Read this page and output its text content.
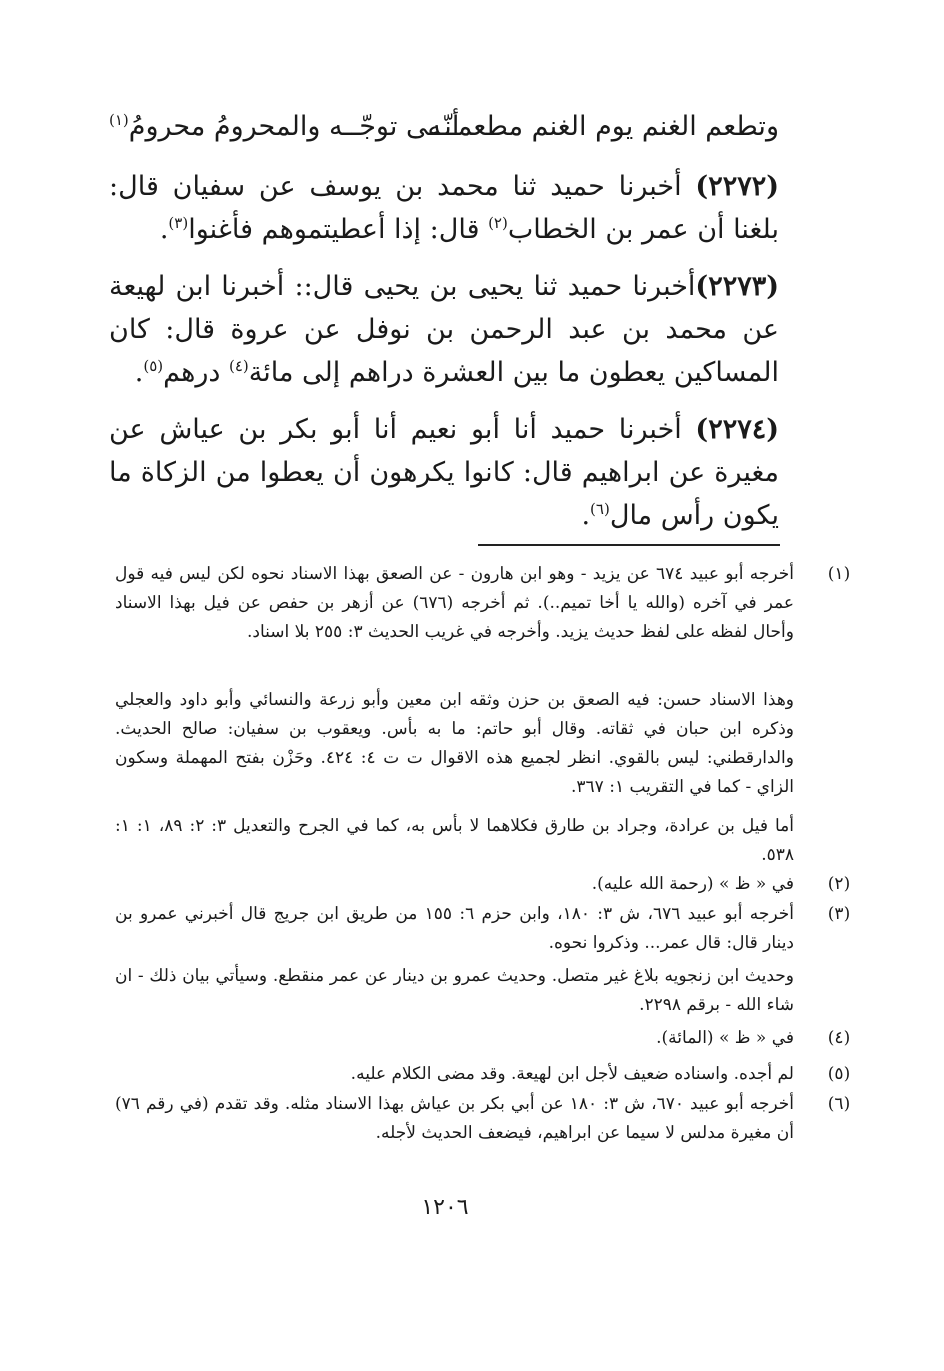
وتطعم الغنم يوم الغنم مطعمــه
أنّــى توجّــه والمحرومُ محرومُ$^{(١)}$
(٢٢٧٢) أخبرنا حميد ثنا محمد بن يوسف عن سفيان قال: بلغنا أن عمر بن الخطاب$^{(٢)}$ قال: إذا أعطيتموهم فأغنوا$^{(٣)}$.
(٢٢٧٣)أخبرنا حميد ثنا يحيى بن يحيى قال:: أخبرنا ابن لهيعة عن محمد بن عبد الرحمن بن نوفل عن عروة قال: كان المساكين يعطون ما بين العشرة دراهم إلى مائة$^{(٤)}$ درهم$^{(٥)}$.
(٢٢٧٤) أخبرنا حميد أنا أبو نعيم أنا أبو بكر بن عياش عن مغيرة عن ابراهيم قال: كانوا يكرهون أن يعطوا من الزكاة ما يكون رأس مال$^{(٦)}$.
(١)
أخرجه أبو عبيد ٦٧٤ عن يزيد - وهو ابن هارون - عن الصعق بهذا الاسناد نحوه لكن ليس فيه قول عمر في آخره (والله يا أخا تميم..). ثم أخرجه (٦٧٦) عن أزهر بن حفص عن فيل بهذا الاسناد وأحال لفظه على لفظ حديث يزيد. وأخرجه في غريب الحديث ٣: ٢٥٥ بلا اسناد.
وهذا الاسناد حسن: فيه الصعق بن حزن وثقه ابن معين وأبو زرعة والنسائي وأبو داود والعجلي وذكره ابن حبان في ثقاته. وقال أبو حاتم: ما به بأس. ويعقوب بن سفيان: صالح الحديث. والدارقطني: ليس بالقوي. انظر لجميع هذه الاقوال ت ت ٤: ٤٢٤. وحَزْن بفتح المهملة وسكون الزاي - كما في التقريب ١: ٣٦٧.
أما فيل بن عرادة، وجراد بن طارق فكلاهما لا بأس به، كما في الجرح والتعديل ٣: ٢: ٨٩، ١: ١: ٥٣٨.
(٢)
في « ظ » (رحمة الله عليه).
(٣)
أخرجه أبو عبيد ٦٧٦، ش ٣: ١٨٠، وابن حزم ٦: ١٥٥ من طريق ابن جريج قال أخبرني عمرو بن دينار قال: قال عمر... وذكروا نحوه.
وحديث ابن زنجويه بلاغ غير متصل. وحديث عمرو بن دينار عن عمر منقطع. وسيأتي بيان ذلك - ان شاء الله - برقم ٢٢٩٨.
(٤)
في « ظ » (المائة).
(٥)
لم أجده. واسناده ضعيف لأجل ابن لهيعة. وقد مضى الكلام عليه.
(٦)
أخرجه أبو عبيد ٦٧٠، ش ٣: ١٨٠ عن أبي بكر بن عياش بهذا الاسناد مثله. وقد تقدم (في رقم ٧٦) أن مغيرة مدلس لا سيما عن ابراهيم، فيضعف الحديث لأجله.
١٢٠٦
